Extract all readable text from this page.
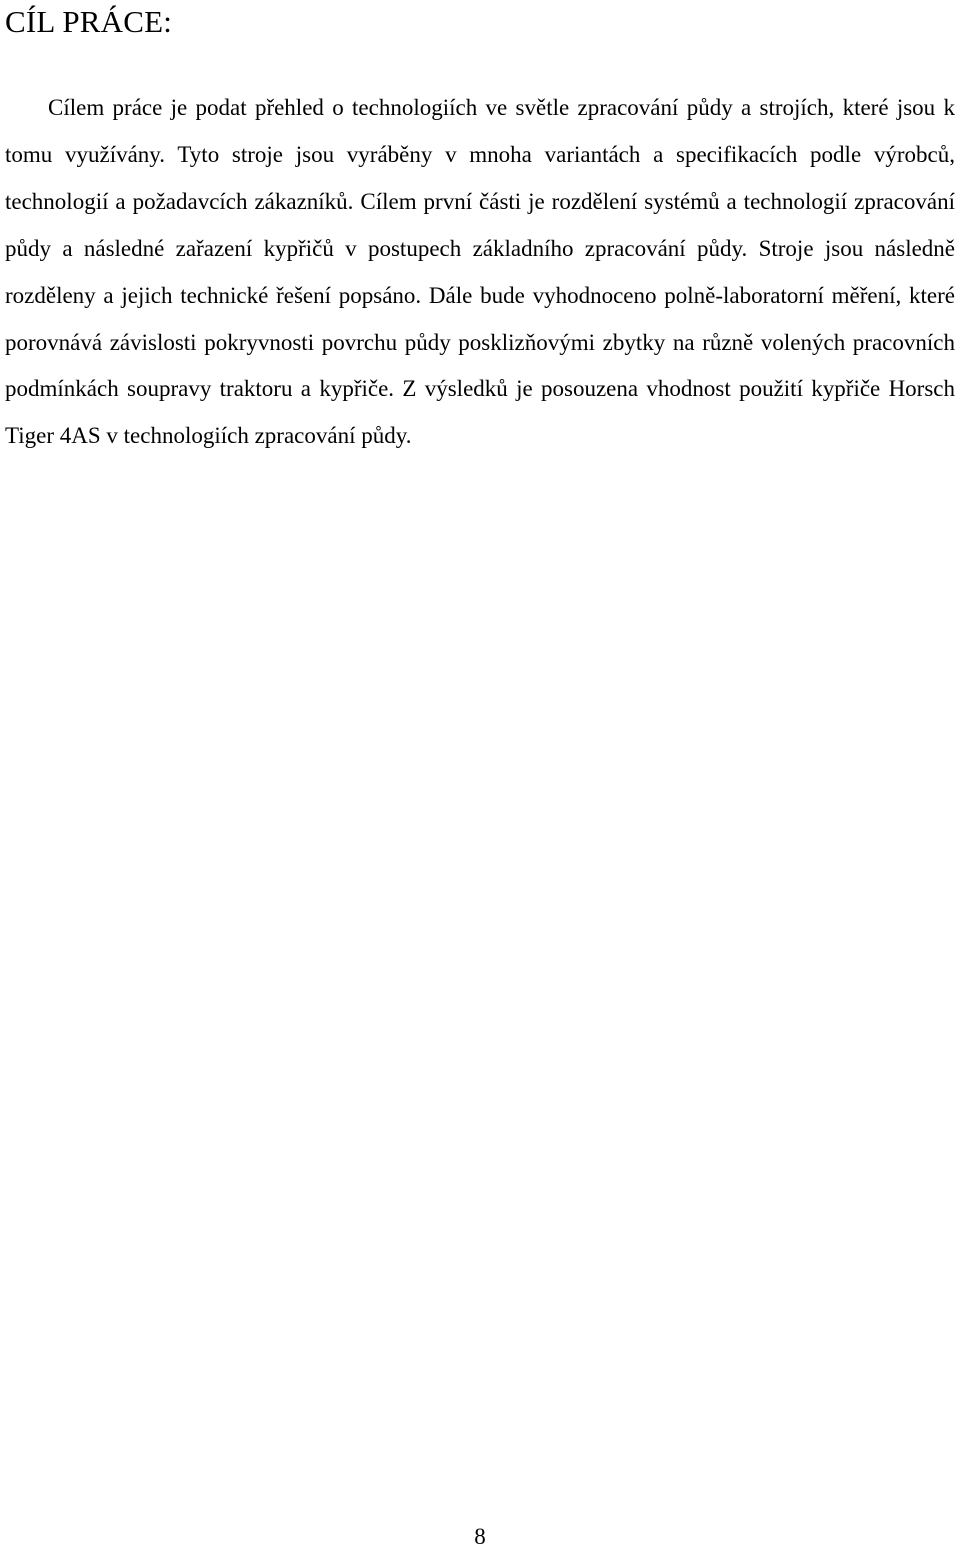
CÍL PRÁCE:

Cílem práce je podat přehled o technologiích ve světle zpracování půdy a strojích, které jsou k tomu využívány. Tyto stroje jsou vyráběny v mnoha variantách a specifikacích podle výrobců, technologií a požadavcích zákazníků. Cílem první části je rozdělení systémů a technologií zpracování půdy a následné zařazení kypřičů v postupech základního zpracování půdy. Stroje jsou následně rozděleny a jejich technické řešení popsáno. Dále bude vyhodnoceno polně-laboratorní měření, které porovnává závislosti pokryvnosti povrchu půdy posklizňovými zbytky na různě volených pracovních podmínkách soupravy traktoru a kypřiče. Z výsledků je posouzena vhodnost použití kypřiče Horsch Tiger 4AS v technologiích zpracování půdy.

8
